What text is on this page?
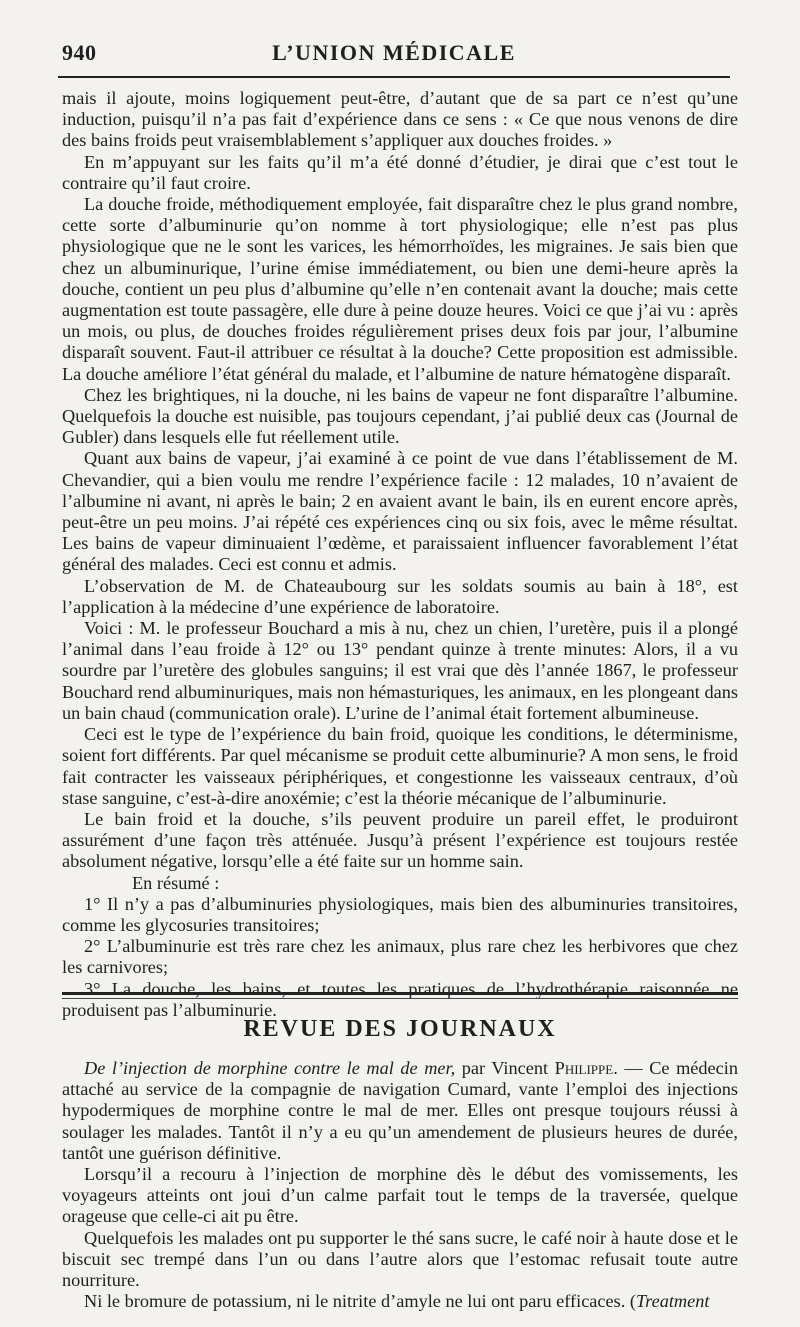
940	L’UNION MÉDICALE

mais il ajoute, moins logiquement peut-être, d’autant que de sa part ce n’est qu’une induction, puisqu’il n’a pas fait d’expérience dans ce sens : « Ce que nous venons de dire des bains froids peut vraisemblablement s’appliquer aux douches froides. »

En m’appuyant sur les faits qu’il m’a été donné d’étudier, je dirai que c’est tout le contraire qu’il faut croire.

La douche froide, méthodiquement employée, fait disparaître chez le plus grand nombre, cette sorte d’albuminurie qu’on nomme à tort physiologique; elle n’est pas plus physiologique que ne le sont les varices, les hémorrhoïdes, les migraines. Je sais bien que chez un albuminurique, l’urine émise immédiatement, ou bien une demi-heure après la douche, contient un peu plus d’albumine qu’elle n’en contenait avant la douche; mais cette augmentation est toute passagère, elle dure à peine douze heures. Voici ce que j’ai vu : après un mois, ou plus, de douches froides régulièrement prises deux fois par jour, l’albumine disparaît souvent. Faut-il attribuer ce résultat à la douche? Cette proposition est admissible. La douche améliore l’état général du malade, et l’albumine de nature hématogène disparaît.

Chez les brightiques, ni la douche, ni les bains de vapeur ne font disparaître l’albumine. Quelquefois la douche est nuisible, pas toujours cependant, j’ai publié deux cas (Journal de Gubler) dans lesquels elle fut réellement utile.

Quant aux bains de vapeur, j’ai examiné à ce point de vue dans l’établissement de M. Chevandier, qui a bien voulu me rendre l’expérience facile : 12 malades, 10 n’avaient de l’albumine ni avant, ni après le bain; 2 en avaient avant le bain, ils en eurent encore après, peut-être un peu moins. J’ai répété ces expériences cinq ou six fois, avec le même résultat. Les bains de vapeur diminuaient l’œdème, et paraissaient influencer favorablement l’état général des malades. Ceci est connu et admis.

L’observation de M. de Chateaubourg sur les soldats soumis au bain à 18°, est l’application à la médecine d’une expérience de laboratoire.

Voici : M. le professeur Bouchard a mis à nu, chez un chien, l’uretère, puis il a plongé l’animal dans l’eau froide à 12° ou 13° pendant quinze à trente minutes: Alors, il a vu sourdre par l’uretère des globules sanguins; il est vrai que dès l’année 1867, le professeur Bouchard rend albuminuriques, mais non hémasturiques, les animaux, en les plongeant dans un bain chaud (communication orale). L’urine de l’animal était fortement albumineuse.

Ceci est le type de l’expérience du bain froid, quoique les conditions, le déterminisme, soient fort différents. Par quel mécanisme se produit cette albuminurie? A mon sens, le froid fait contracter les vaisseaux périphériques, et congestionne les vaisseaux centraux, d’où stase sanguine, c’est-à-dire anoxémie; c’est la théorie mécanique de l’albuminurie.

Le bain froid et la douche, s’ils peuvent produire un pareil effet, le produiront assurément d’une façon très atténuée. Jusqu’à présent l’expérience est toujours restée absolument négative, lorsqu’elle a été faite sur un homme sain.

En résumé :

1° Il n’y a pas d’albuminuries physiologiques, mais bien des albuminuries transitoires, comme les glycosuries transitoires;

2° L’albuminurie est très rare chez les animaux, plus rare chez les herbivores que chez les carnivores;

3° La douche, les bains, et toutes les pratiques de l’hydrothérapie raisonnée ne produisent pas l’albuminurie.

REVUE DES JOURNAUX

De l’injection de morphine contre le mal de mer, par Vincent Philippe. — Ce médecin attaché au service de la compagnie de navigation Cumard, vante l’emploi des injections hypodermiques de morphine contre le mal de mer. Elles ont presque toujours réussi à soulager les malades. Tantôt il n’y a eu qu’un amendement de plusieurs heures de durée, tantôt une guérison définitive.

Lorsqu’il a recouru à l’injection de morphine dès le début des vomissements, les voyageurs atteints ont joui d’un calme parfait tout le temps de la traversée, quelque orageuse que celle-ci ait pu être.

Quelquefois les malades ont pu supporter le thé sans sucre, le café noir à haute dose et le biscuit sec trempé dans l’un ou dans l’autre alors que l’estomac refusait toute autre nourriture.

Ni le bromure de potassium, ni le nitrite d’amyle ne lui ont paru efficaces. (Treatment
